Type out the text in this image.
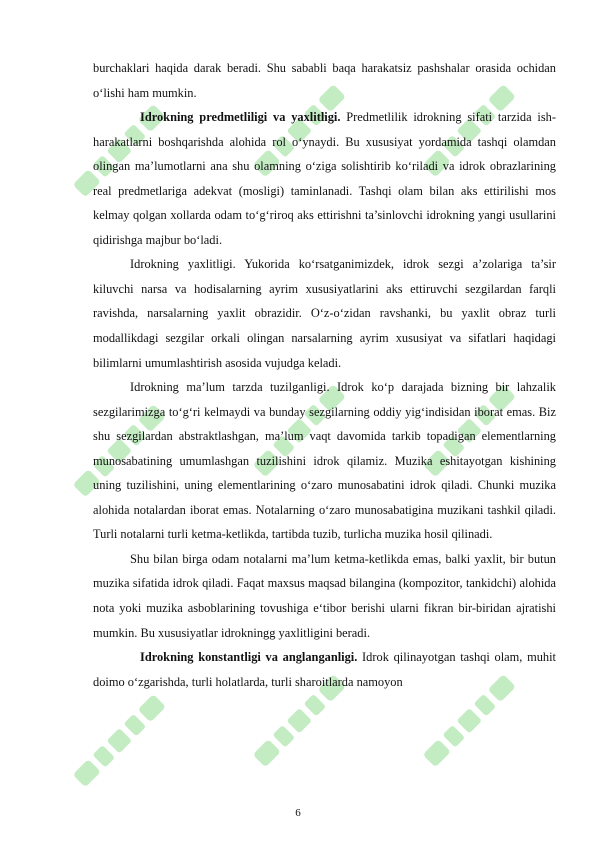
burchaklari haqida darak beradi. Shu sababli baqa harakatsiz pashshalar orasida ochidan o‘lishi ham mumkin.

Idrokning predmetliligi va yaxlitligi. Predmetlilik idrokning sifati tarzida ish-harakatlarni boshqarishda alohida rol o‘ynaydi. Bu xususiyat yordamida tashqi olamdan olingan ma’lumotlarni ana shu olamning o‘ziga solishtirib ko‘riladi va idrok obrazlarining real predmetlariga adekvat (mosligi) taminlanadi. Tashqi olam bilan aks ettirilishi mos kelmay qolgan xollarda odam to‘g‘riroq aks ettirishni ta’sinlovchi idrokning yangi usullarini qidirishga majbur bo‘ladi.

Idrokning yaxlitligi. Yukorida ko‘rsatganimizdek, idrok sezgi a’zolariga ta’sir kiluvchi narsa va hodisalarning ayrim xususiyatlarini aks ettiruvchi sezgilardan farqli ravishda, narsalarning yaxlit obrazidir. O‘z-o‘zidan ravshanki, bu yaxlit obraz turli modallikdagi sezgilar orkali olingan narsalarning ayrim xususiyat va sifatlari haqidagi bilimlarni umumlashtirish asosida vujudga keladi.

Idrokning ma’lum tarzda tuzilganligi. Idrok ko‘p darajada bizning bir lahzalik sezgilarimizga to‘g‘ri kelmaydi va bunday sezgilarning oddiy yig‘indisidan iborat emas. Biz shu sezgilardan abstraktlashgan, ma’lum vaqt davomida tarkib topadigan elementlarning munosabatining umumlashgan tuzilishini idrok qilamiz. Muzika eshitayotgan kishining uning tuzilishini, uning elementlarining o‘zaro munosabatini idrok qiladi. Chunki muzika alohida notalardan iborat emas. Notalarning o‘zaro munosabatigina muzikani tashkil qiladi. Turli notalarni turli ketma-ketlikda, tartibda tuzib, turlicha muzika hosil qilinadi.

Shu bilan birga odam notalarni ma’lum ketma-ketlikda emas, balki yaxlit, bir butun muzika sifatida idrok qiladi. Faqat maxsus maqsad bilangina (kompozitor, tankidchi) alohida nota yoki muzika asboblarining tovushiga e‘tibor berishi ularni fikran bir-biridan ajratishi mumkin. Bu xususiyatlar idrokningg yaxlitligini beradi.

Idrokning konstantligi va anglanganligi. Idrok qilinayotgan tashqi olam, muhit doimo o‘zgarishda, turli holatlarda, turli sharoitlarda namoyon

6
